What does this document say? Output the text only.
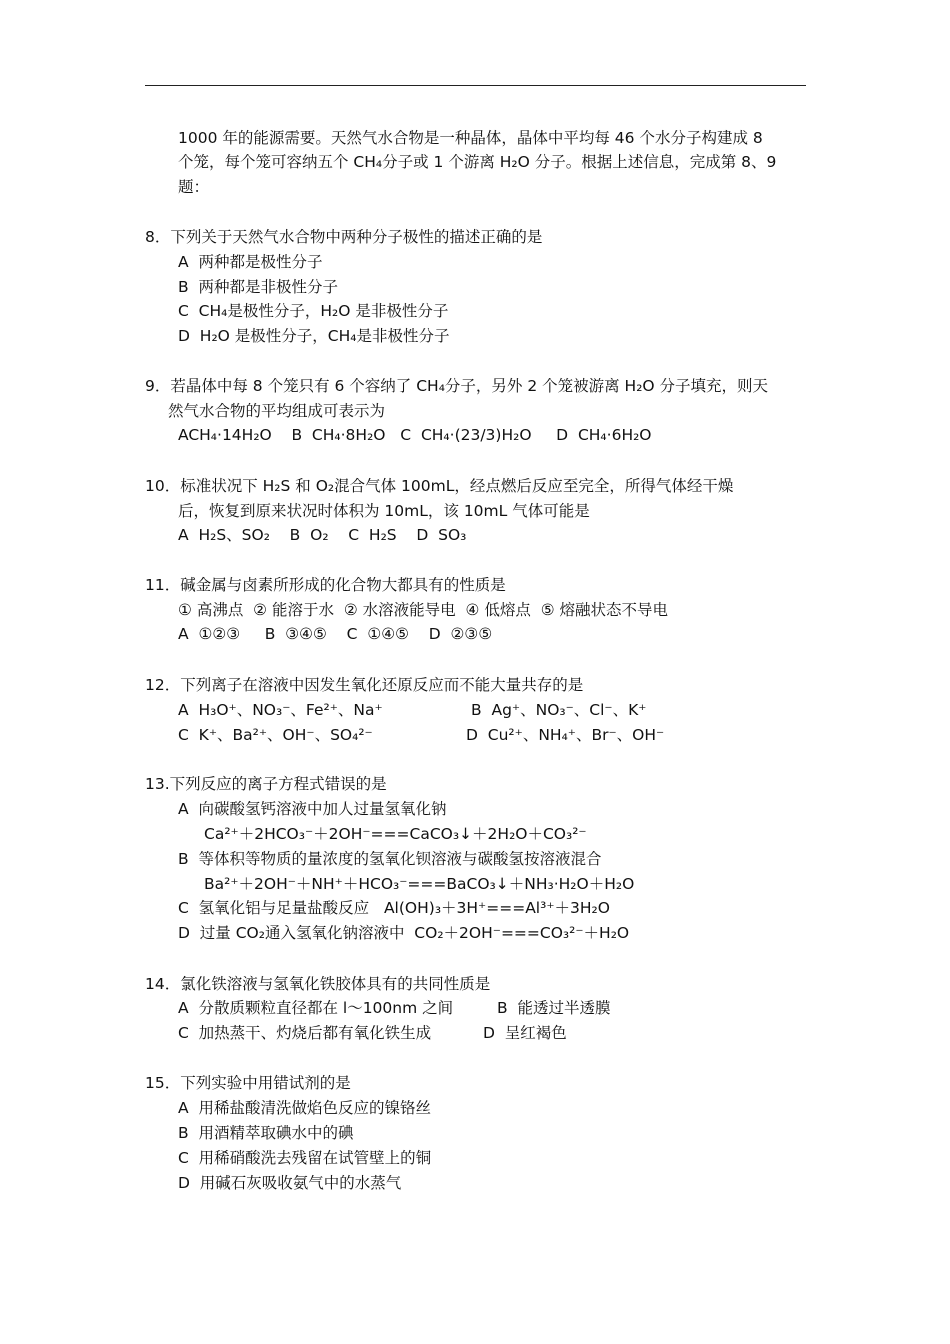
1000 年的能源需要。天然气水合物是一种晶体，晶体中平均每 46 个水分子构建成 8
个笼，每个笼可容纳五个 CH₄分子或 1 个游离 H₂O 分子。根据上述信息，完成第 8、9
题：
8．下列关于天然气水合物中两种分子极性的描述正确的是
A  两种都是极性分子
B  两种都是非极性分子
C  CH₄是极性分子，H₂O 是非极性分子
D  H₂O 是极性分子，CH₄是非极性分子
9．若晶体中每 8 个笼只有 6 个容纳了 CH₄分子，另外 2 个笼被游离 H₂O 分子填充，则天
然气水合物的平均组成可表示为
ACH₄·14H₂O    B  CH₄·8H₂O   C  CH₄·(23/3)H₂O     D  CH₄·6H₂O
10．标准状况下 H₂S 和 O₂混合气体 100mL，经点燃后反应至完全，所得气体经干燥
后，恢复到原来状况时体积为 10mL，该 10mL 气体可能是
A  H₂S、SO₂    B  O₂    C  H₂S    D  SO₃
11．碱金属与卤素所形成的化合物大都具有的性质是
① 高沸点  ② 能溶于水  ② 水溶液能导电  ④ 低熔点  ⑤ 熔融状态不导电
A  ①②③     B  ③④⑤    C  ①④⑤    D  ②③⑤
12．下列离子在溶液中因发生氧化还原反应而不能大量共存的是
A  H₃O⁺、NO₃⁻、Fe²⁺、Na⁺	B  Ag⁺、NO₃⁻、Cl⁻、K⁺
C  K⁺、Ba²⁺、OH⁻、SO₄²⁻	D  Cu²⁺、NH₄⁺、Br⁻、OH⁻
13.下列反应的离子方程式错误的是
A  向碳酸氢钙溶液中加人过量氢氧化钠
Ca²⁺＋2HCO₃⁻＋2OH⁻===CaCO₃↓＋2H₂O＋CO₃²⁻
B  等体积等物质的量浓度的氢氧化钡溶液与碳酸氢按溶液混合
Ba²⁺＋2OH⁻＋NH⁺＋HCO₃⁻===BaCO₃↓＋NH₃·H₂O＋H₂O
C  氢氧化铝与足量盐酸反应   Al(OH)₃＋3H⁺===Al³⁺＋3H₂O
D  过量 CO₂通入氢氧化钠溶液中  CO₂＋2OH⁻===CO₃²⁻＋H₂O
14．氯化铁溶液与氢氧化铁胶体具有的共同性质是
A  分散质颗粒直径都在 l～100nm 之间	B  能透过半透膜
C  加热蒸干、灼烧后都有氧化铁生成	D  呈红褐色
15．下列实验中用错试剂的是
A  用稀盐酸清洗做焰色反应的镍铬丝
B  用酒精萃取碘水中的碘
C  用稀硝酸洗去残留在试管壁上的铜
D  用碱石灰吸收氨气中的水蒸气
